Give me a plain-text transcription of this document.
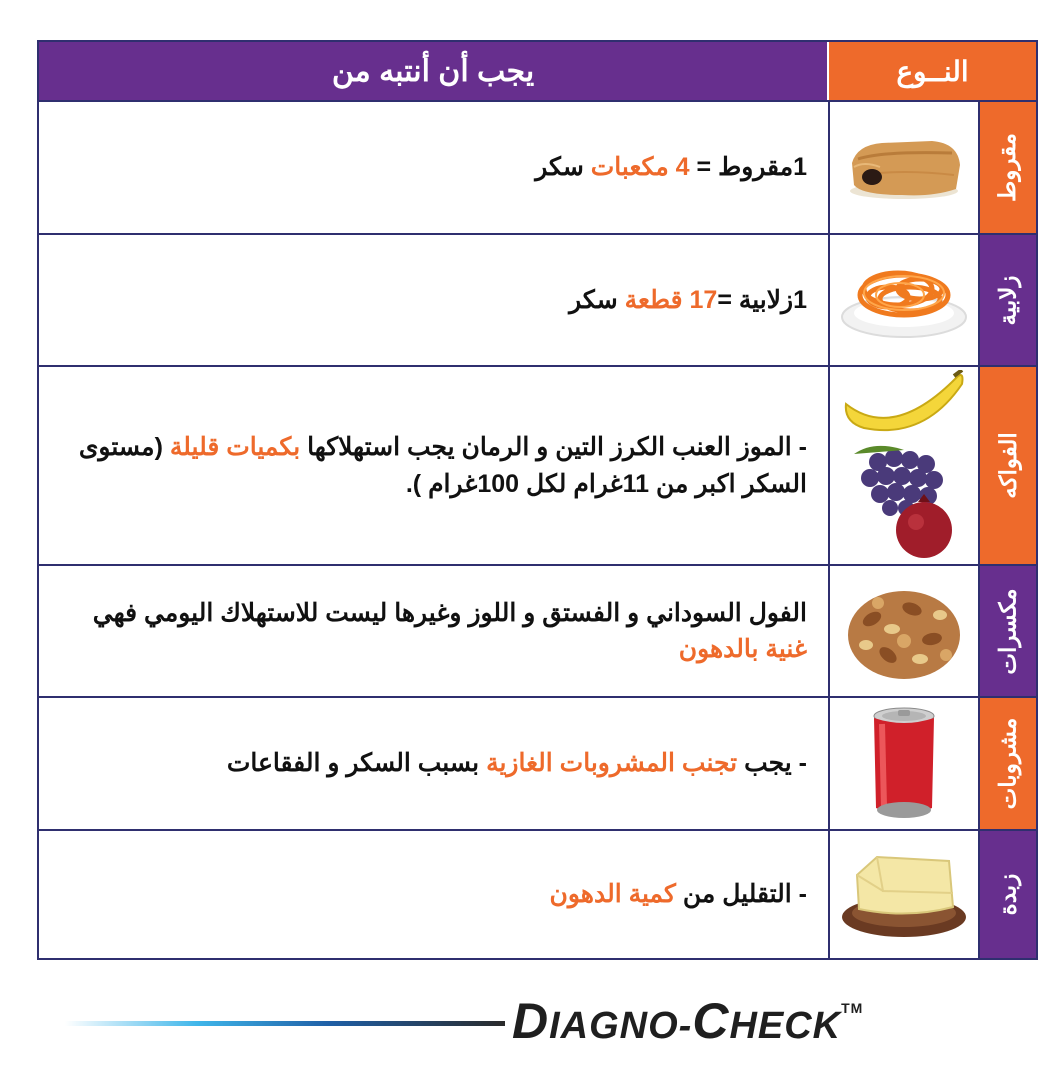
يجب أن أنتبه من	النــوع

1مقروط = 4 مكعبات سكر	مقروط

1زلابية =17 قطعة سكر	زلابية

- الموز العنب الكرز التين و الرمان يجب استهلاكها بكميات قليلة (مستوى السكر اكبر من 11غرام لكل 100غرام ).	الفواكه

الفول السوداني و الفستق و اللوز وغيرها ليست للاستهلاك اليومي فهي غنية بالدهون	مكسرات

- يجب تجنب المشروبات الغازية بسبب السكر و الفقاعات	مشروبات

- التقليل من كمية الدهون	زبدة
DIAGNO-CHECKTM
